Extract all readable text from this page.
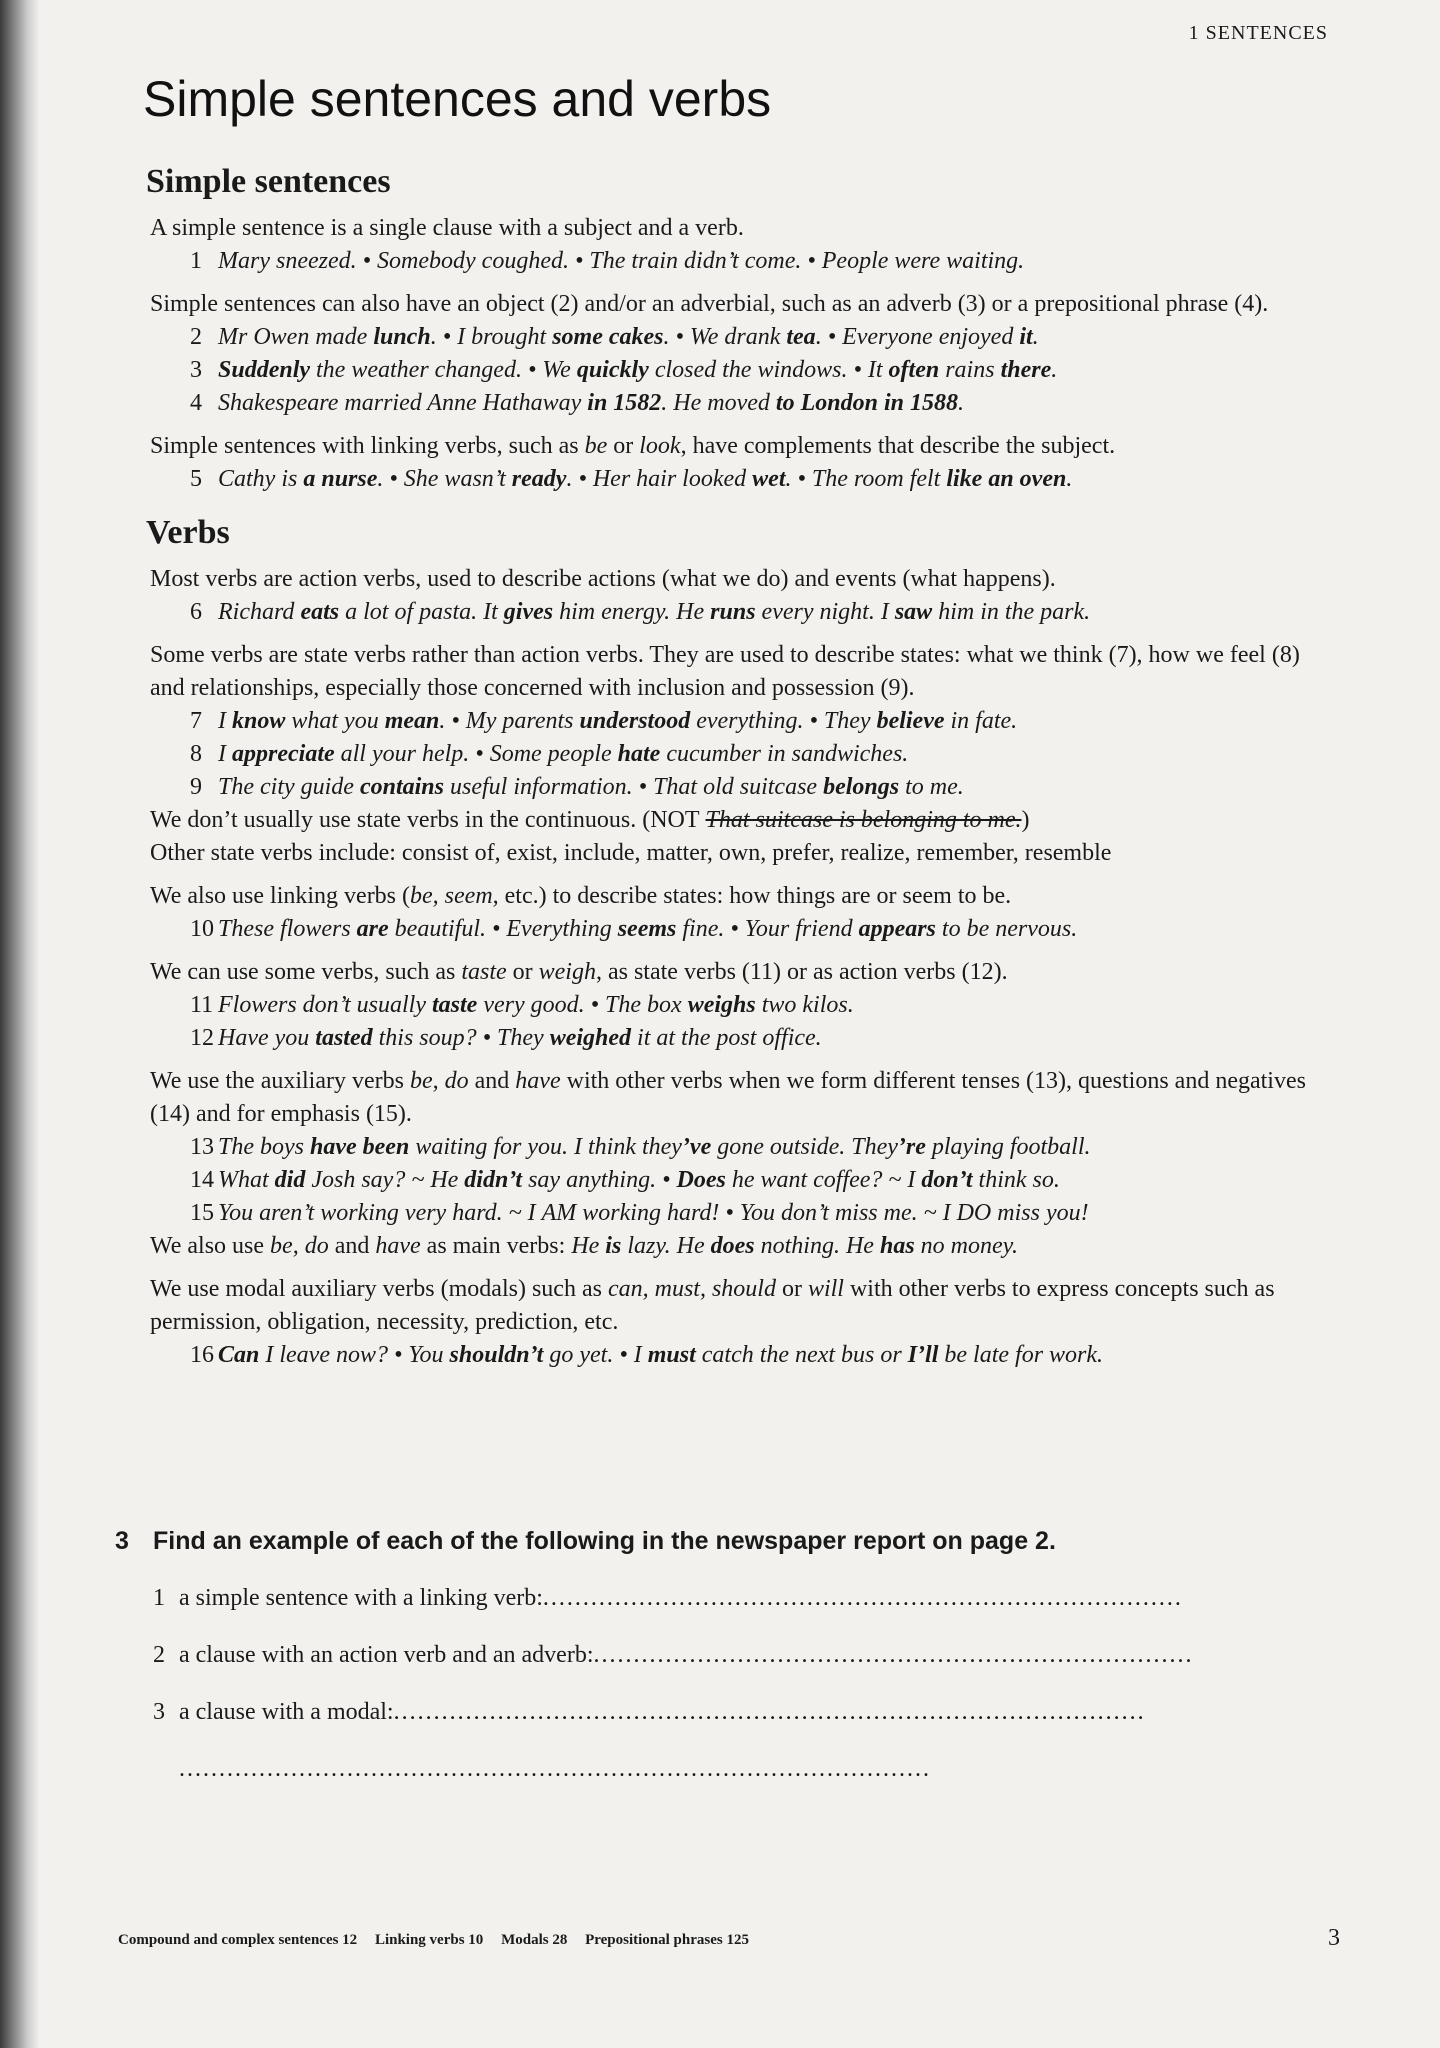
1 SENTENCES
Simple sentences and verbs
Simple sentences

A simple sentence is a single clause with a subject and a verb.

1 Mary sneezed. • Somebody coughed. • The train didn’t come. • People were waiting.

Simple sentences can also have an object (2) and/or an adverbial, such as an adverb (3) or a prepositional phrase (4).

2 Mr Owen made lunch. • I brought some cakes. • We drank tea. • Everyone enjoyed it.

3 Suddenly the weather changed. • We quickly closed the windows. • It often rains there.

4 Shakespeare married Anne Hathaway in 1582. He moved to London in 1588.

Simple sentences with linking verbs, such as be or look, have complements that describe the subject.

5 Cathy is a nurse. • She wasn’t ready. • Her hair looked wet. • The room felt like an oven.

Verbs

Most verbs are action verbs, used to describe actions (what we do) and events (what happens).

6 Richard eats a lot of pasta. It gives him energy. He runs every night. I saw him in the park.

Some verbs are state verbs rather than action verbs. They are used to describe states: what we think (7), how we feel (8) and relationships, especially those concerned with inclusion and possession (9).

7 I know what you mean. • My parents understood everything. • They believe in fate.

8 I appreciate all your help. • Some people hate cucumber in sandwiches.

9 The city guide contains useful information. • That old suitcase belongs to me.

We don’t usually use state verbs in the continuous. (NOT That suitcase is belonging to me.)

Other state verbs include: consist of, exist, include, matter, own, prefer, realize, remember, resemble

We also use linking verbs (be, seem, etc.) to describe states: how things are or seem to be.

10 These flowers are beautiful. • Everything seems fine. • Your friend appears to be nervous.

We can use some verbs, such as taste or weigh, as state verbs (11) or as action verbs (12).

11 Flowers don’t usually taste very good. • The box weighs two kilos.

12 Have you tasted this soup? • They weighed it at the post office.

We use the auxiliary verbs be, do and have with other verbs when we form different tenses (13), questions and negatives (14) and for emphasis (15).

13 The boys have been waiting for you. I think they’ve gone outside. They’re playing football.

14 What did Josh say? ~ He didn’t say anything. • Does he want coffee? ~ I don’t think so.

15 You aren’t working very hard. ~ I AM working hard! • You don’t miss me. ~ I DO miss you!

We also use be, do and have as main verbs: He is lazy. He does nothing. He has no money.

We use modal auxiliary verbs (modals) such as can, must, should or will with other verbs to express concepts such as permission, obligation, necessity, prediction, etc.

16 Can I leave now? • You shouldn’t go yet. • I must catch the next bus or I’ll be late for work.

3 Find an example of each of the following in the newspaper report on page 2.

1 a simple sentence with a linking verb:................................................................................

2 a clause with an action verb and an adverb:...........................................................................

3 a clause with a modal:..............................................................................................

..............................................................................................

Compound and complex sentences 12 Linking verbs 10 Modals 28 Prepositional phrases 125	3
